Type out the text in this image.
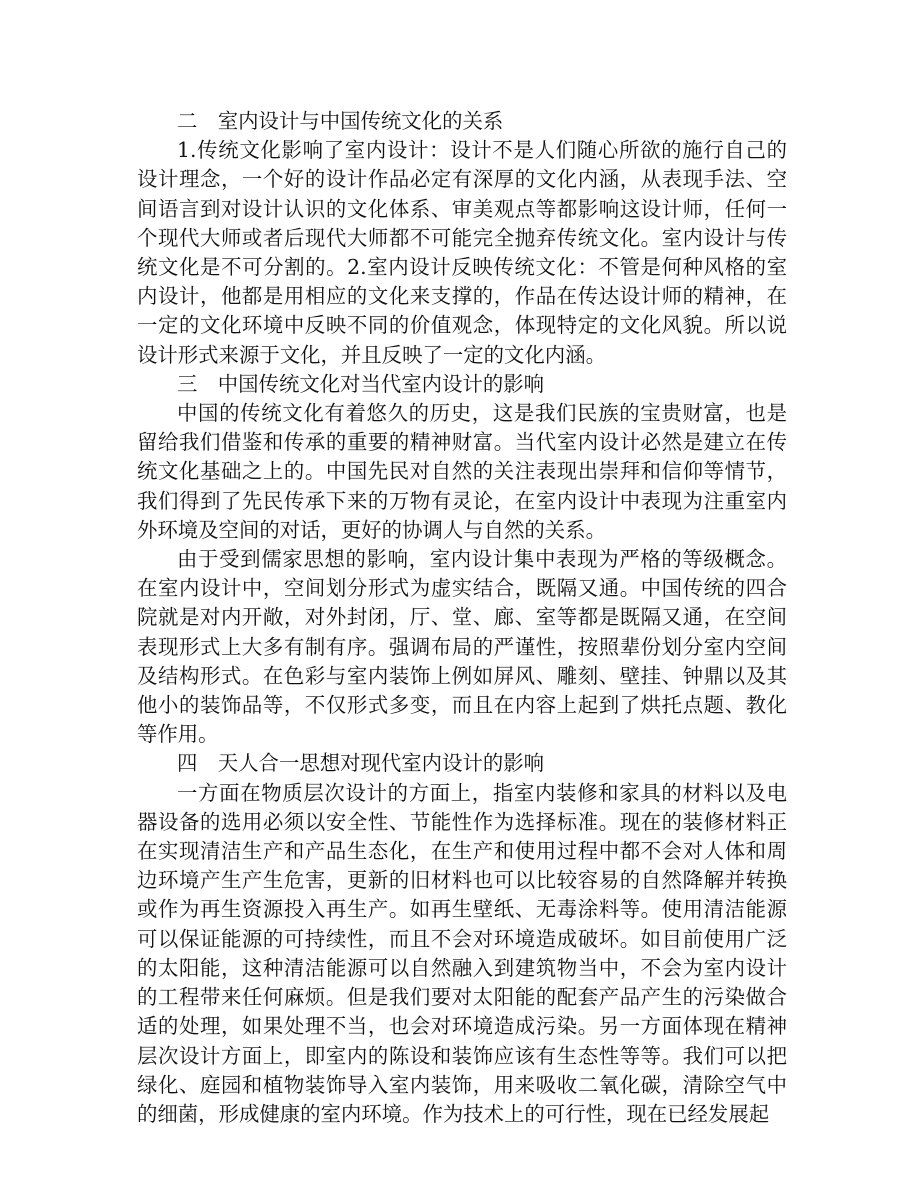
二　室内设计与中国传统文化的关系

1.传统文化影响了室内设计：设计不是人们随心所欲的施行自己的设计理念，一个好的设计作品必定有深厚的文化内涵，从表现手法、空间语言到对设计认识的文化体系、审美观点等都影响这设计师，任何一个现代大师或者后现代大师都不可能完全抛弃传统文化。室内设计与传统文化是不可分割的。2.室内设计反映传统文化：不管是何种风格的室内设计，他都是用相应的文化来支撑的，作品在传达设计师的精神，在一定的文化环境中反映不同的价值观念，体现特定的文化风貌。所以说设计形式来源于文化，并且反映了一定的文化内涵。

三　中国传统文化对当代室内设计的影响

中国的传统文化有着悠久的历史，这是我们民族的宝贵财富，也是留给我们借鉴和传承的重要的精神财富。当代室内设计必然是建立在传统文化基础之上的。中国先民对自然的关注表现出崇拜和信仰等情节，我们得到了先民传承下来的万物有灵论，在室内设计中表现为注重室内外环境及空间的对话，更好的协调人与自然的关系。

由于受到儒家思想的影响，室内设计集中表现为严格的等级概念。在室内设计中，空间划分形式为虚实结合，既隔又通。中国传统的四合院就是对内开敞，对外封闭，厅、堂、廊、室等都是既隔又通，在空间表现形式上大多有制有序。强调布局的严谨性，按照辈份划分室内空间及结构形式。在色彩与室内装饰上例如屏风、雕刻、壁挂、钟鼎以及其他小的装饰品等，不仅形式多变，而且在内容上起到了烘托点题、教化等作用。

四　天人合一思想对现代室内设计的影响

一方面在物质层次设计的方面上，指室内装修和家具的材料以及电器设备的选用必须以安全性、节能性作为选择标准。现在的装修材料正在实现清洁生产和产品生态化，在生产和使用过程中都不会对人体和周边环境产生产生危害，更新的旧材料也可以比较容易的自然降解并转换或作为再生资源投入再生产。如再生壁纸、无毒涂料等。使用清洁能源可以保证能源的可持续性，而且不会对环境造成破坏。如目前使用广泛的太阳能，这种清洁能源可以自然融入到建筑物当中，不会为室内设计的工程带来任何麻烦。但是我们要对太阳能的配套产品产生的污染做合适的处理，如果处理不当，也会对环境造成污染。另一方面体现在精神层次设计方面上，即室内的陈设和装饰应该有生态性等等。我们可以把绿化、庭园和植物装饰导入室内装饰，用来吸收二氧化碳，清除空气中的细菌，形成健康的室内环境。作为技术上的可行性，现在已经发展起
